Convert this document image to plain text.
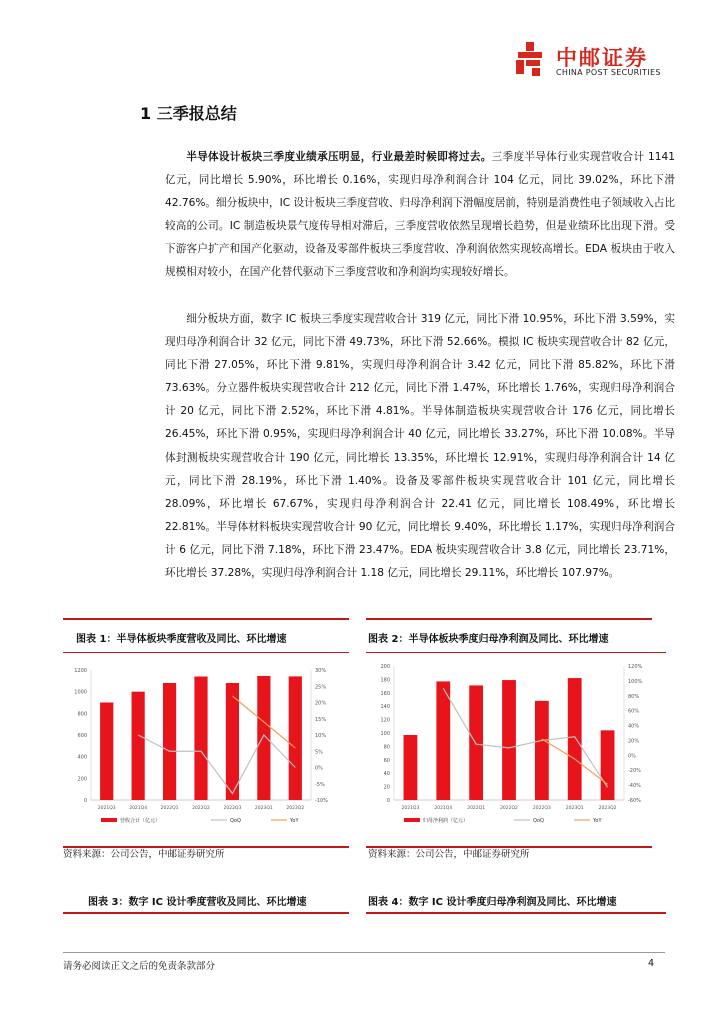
中邮证券
CHINA POST SECURITIES
1 三季报总结

半导体设计板块三季度业绩承压明显，行业最差时候即将过去。三季度半导体行业实现营收合计 1141 亿元，同比增长 5.90%，环比增长 0.16%，实现归母净利润合计 104 亿元，同比 39.02%，环比下滑 42.76%。细分板块中，IC 设计板块三季度营收、归母净利润下滑幅度居前，特别是消费性电子领域收入占比较高的公司。IC 制造板块景气度传导相对滞后，三季度营收依然呈现增长趋势，但是业绩环比出现下滑。受下游客户扩产和国产化驱动，设备及零部件板块三季度营收、净利润依然实现较高增长。EDA 板块由于收入规模相对较小，在国产化替代驱动下三季度营收和净利润均实现较好增长。

细分板块方面，数字 IC 板块三季度实现营收合计 319 亿元，同比下滑 10.95%，环比下滑 3.59%，实现归母净利润合计 32 亿元，同比下滑 49.73%，环比下滑 52.66%。模拟 IC 板块实现营收合计 82 亿元，同比下滑 27.05%，环比下滑 9.81%，实现归母净利润合计 3.42 亿元，同比下滑 85.82%，环比下滑 73.63%。分立器件板块实现营收合计 212 亿元，同比下滑 1.47%，环比增长 1.76%，实现归母净利润合计 20 亿元，同比下滑 2.52%，环比下滑 4.81%。半导体制造板块实现营收合计 176 亿元，同比增长 26.45%，环比下滑 0.95%，实现归母净利润合计 40 亿元，同比增长 33.27%，环比下滑 10.08%。半导体封测板块实现营收合计 190 亿元，同比增长 13.35%，环比增长 12.91%，实现归母净利润合计 14 亿元，同比下滑 28.19%，环比下滑 1.40%。设备及零部件板块实现营收合计 101 亿元，同比增长 28.09%，环比增长 67.67%，实现归母净利润合计 22.41 亿元，同比增长 108.49%，环比增长 22.81%。半导体材料板块实现营收合计 90 亿元，同比增长 9.40%，环比增长 1.17%，实现归母净利润合计 6 亿元，同比下滑 7.18%，环比下滑 23.47%。EDA 板块实现营收合计 3.8 亿元，同比增长 23.71%，环比增长 37.28%，实现归母净利润合计 1.18 亿元，同比增长 29.11%，环比增长 107.97%。

图表 1：半导体板块季度营收及同比、环比增速
0
200
400
600
800
1000
1200
-10%
-5%
0%
5%
10%
15%
20%
25%
30%
2021Q3	2021Q4	2022Q1	2022Q2	2022Q3	2023Q1	2023Q2
营收合计（亿元）	QoQ	YoY
资料来源：公司公告，中邮证券研究所
图表 2：半导体板块季度归母净利润及同比、环比增速
0
20
40
60
80
100
120
140
160
180
200
-60%
-40%
-20%
0%
20%
40%
60%
80%
100%
120%
2021Q3	2021Q4	2022Q1	2022Q2	2022Q3	2023Q1	2023Q2
归母净利润（亿元）	QoQ	YoY
资料来源：公司公告，中邮证券研究所
图表 3：数字 IC 设计季度营收及同比、环比增速	图表 4：数字 IC 设计季度归母净利润及同比、环比增速
请务必阅读正文之后的免责条款部分	4
